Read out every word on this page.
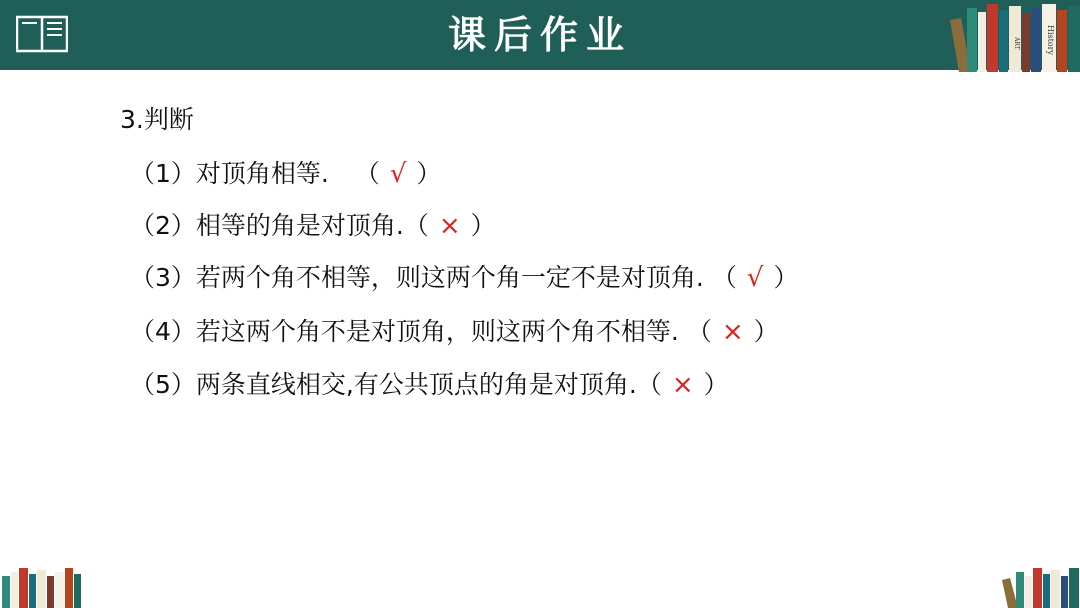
课后作业	ART	History
3.判断
（1）对顶角相等. （ √ ）
（2）相等的角是对顶角.（ × ）
（3）若两个角不相等，则这两个角一定不是对顶角. （ √ ）
（4）若这两个角不是对顶角，则这两个角不相等. （ × ）
（5）两条直线相交,有公共顶点的角是对顶角.（ × ）
